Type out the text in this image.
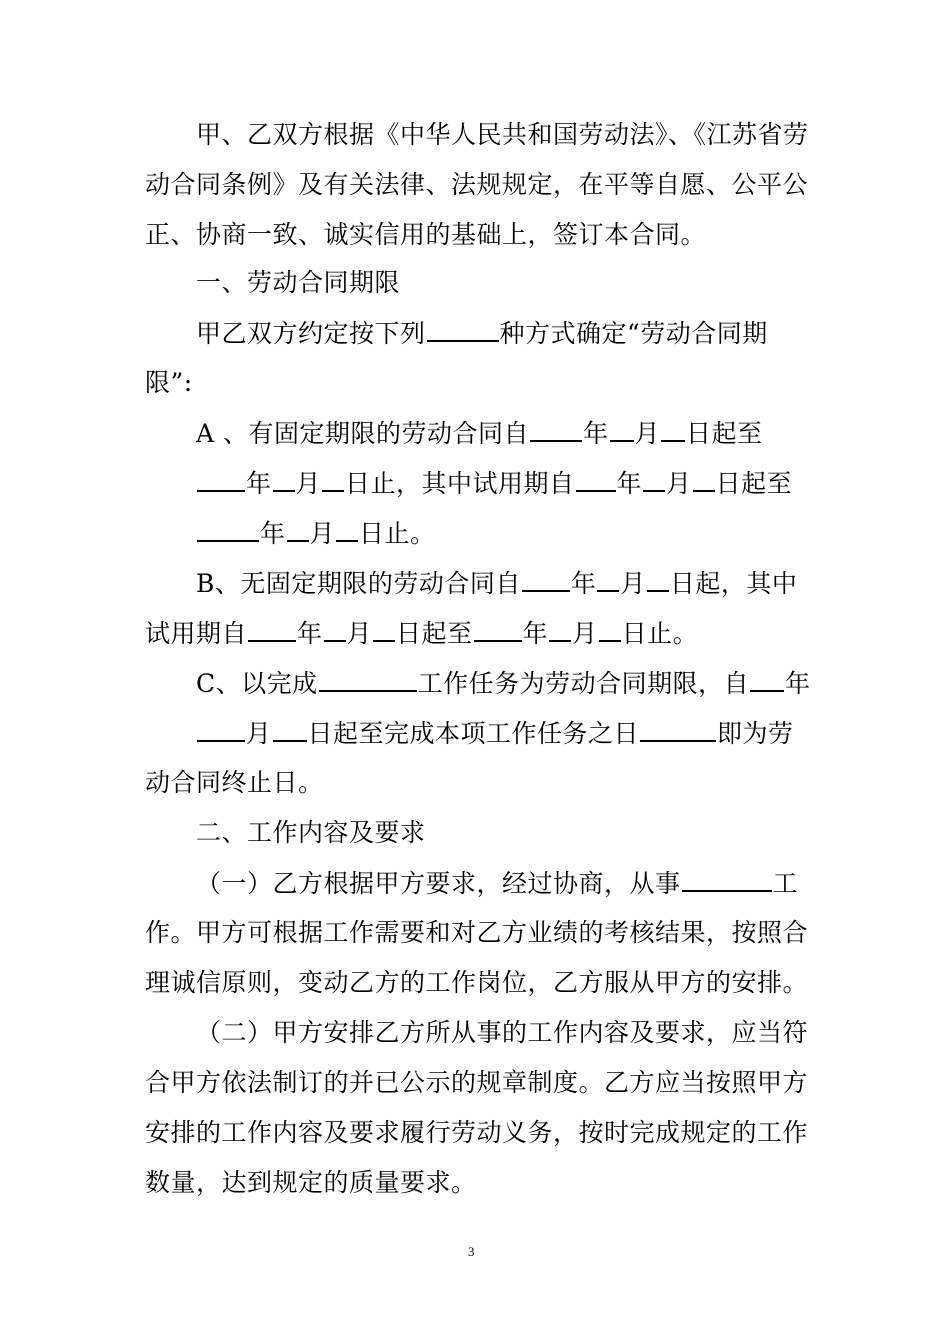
甲、乙双方根据《中华人民共和国劳动法》、《江苏省劳
动合同条例》及有关法律、法规规定，在平等自愿、公平公
正、协商一致、诚实信用的基础上，签订本合同。
一、劳动合同期限
甲乙双方约定按下列	种方式确定“劳动合同期
限”:
A 、有固定期限的劳动合同自 年 月 日起至
年 月 日止，其中试用期自 年 月 日起至
年 月 日止。
B、无固定期限的劳动合同自 年 月 日起，其中
试用期自 年 月 日起至 年 月 日止。
C、以完成	工作任务为劳动合同期限，自 年
月 日起至完成本项工作任务之日	即为劳
动合同终止日。
二、工作内容及要求
（一）乙方根据甲方要求，经过协商，从事	工
作。甲方可根据工作需要和对乙方业绩的考核结果，按照合
理诚信原则，变动乙方的工作岗位，乙方服从甲方的安排。
（二）甲方安排乙方所从事的工作内容及要求，应当符
合甲方依法制订的并已公示的规章制度。乙方应当按照甲方
安排的工作内容及要求履行劳动义务，按时完成规定的工作
数量，达到规定的质量要求。
3
